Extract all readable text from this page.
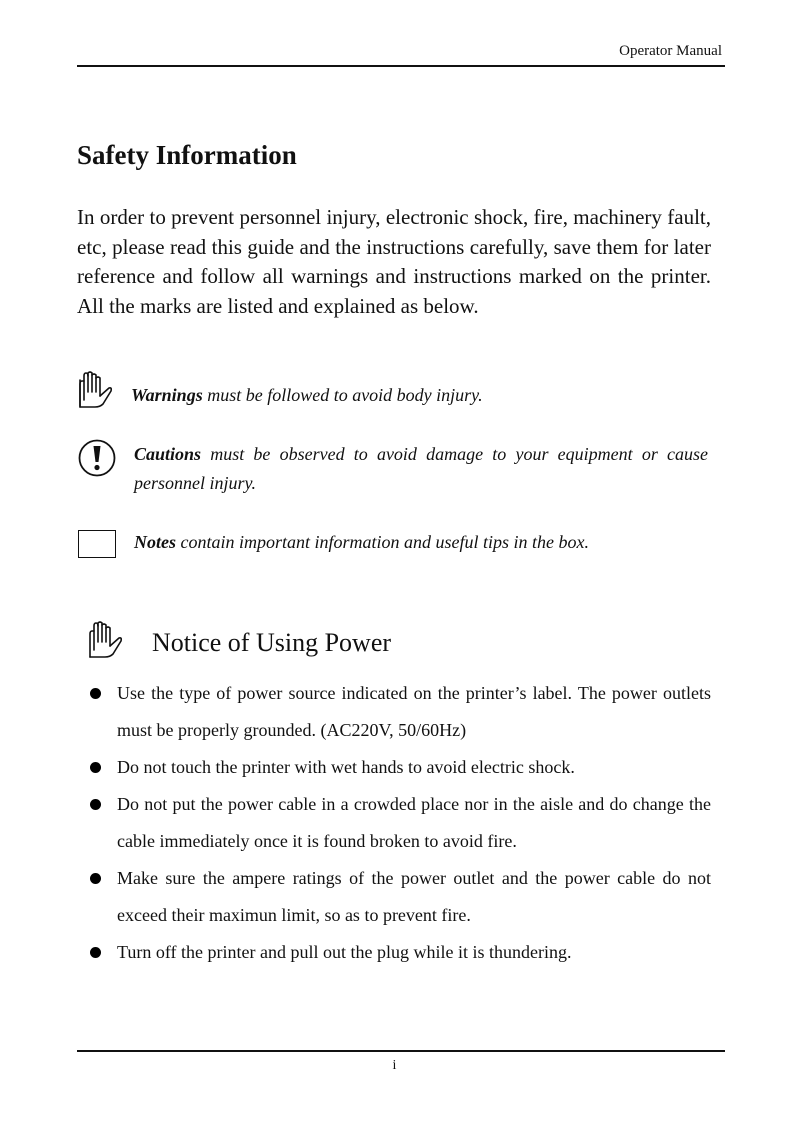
Operator Manual
Safety Information

In order to prevent personnel injury, electronic shock, fire, machinery fault, etc, please read this guide and the instructions carefully, save them for later reference and follow all warnings and instructions marked on the printer. All the marks are listed and explained as below.

Warnings must be followed to avoid body injury.
Cautions must be observed to avoid damage to your equipment or cause personnel injury.
Notes contain important information and useful tips in the box.
Notice of Using Power
Use the type of power source indicated on the printer’s label. The power outlets must be properly grounded. (AC220V, 50/60Hz)
Do not touch the printer with wet hands to avoid electric shock.
Do not put the power cable in a crowded place nor in the aisle and do change the cable immediately once it is found broken to avoid fire.
Make sure the ampere ratings of the power outlet and the power cable do not exceed their maximun limit, so as to prevent fire.
Turn off the printer and pull out the plug while it is thundering.
i
